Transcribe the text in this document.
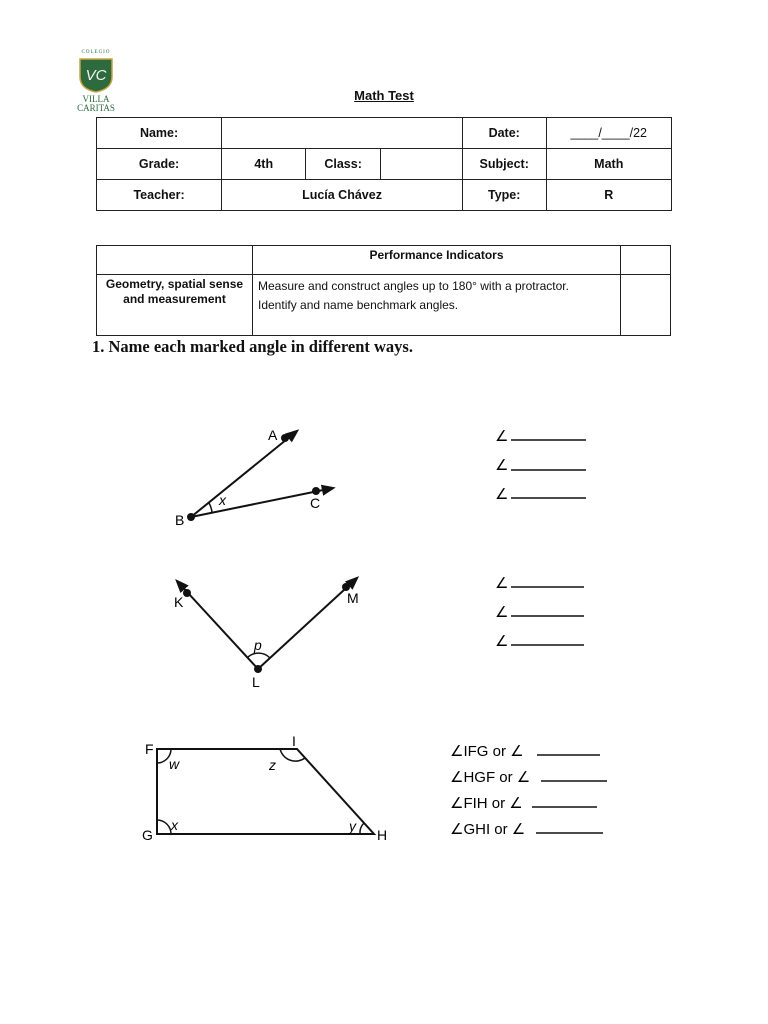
COLEGIO
VC
VILLA
CARITAS
Math Test
Name:				Date:	____/____/22
Grade:	4th	Class:		Subject:	Math
Teacher:	Lucía Chávez			Type:	R
	Performance Indicators	
Geometry, spatial sense and measurement	Measure and construct angles up to 180° with a protractor.
Identify and name benchmark angles.	

1. Name each marked angle in different ways.
A
x
B
C
∠
∠
∠
K	M
p
L
∠
∠
∠
F	I
w	z
x	y
G	H
∠IFG or ∠
∠HGF or ∠
∠FIH or ∠
∠GHI or ∠
